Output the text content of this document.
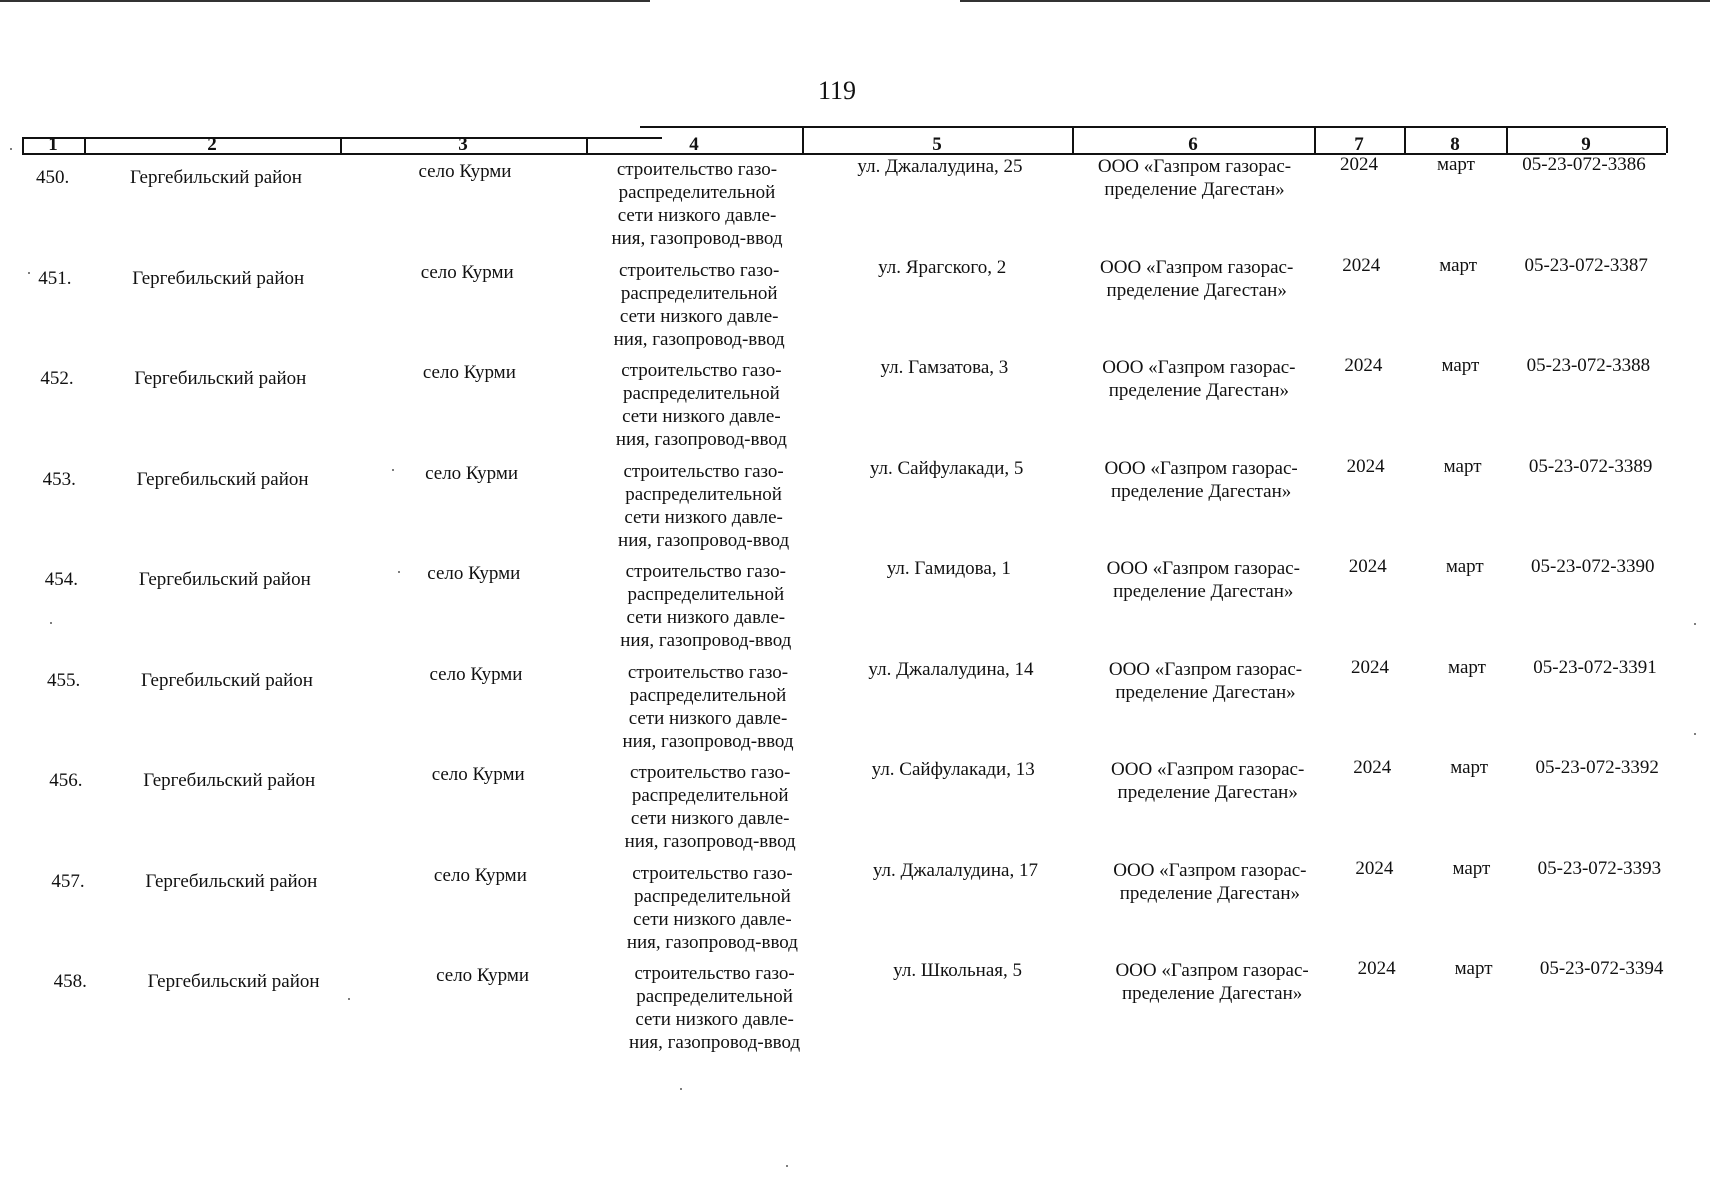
119
1	2	3	4	5	6	7	8	9
450.	Гергебильский район	село Курми	строительство газо-
распределительной
сети низкого давле-
ния, газопровод-ввод
ул. Джалалудина, 25	ООО «Газпром газорас-
пределение Дагестан»
2024	март	05-23-072-3386
451.	Гергебильский район	село Курми	строительство газо-
распределительной
сети низкого давле-
ния, газопровод-ввод
ул. Ярагского, 2	ООО «Газпром газорас-
пределение Дагестан»
2024	март	05-23-072-3387
452.	Гергебильский район	село Курми	строительство газо-
распределительной
сети низкого давле-
ния, газопровод-ввод
ул. Гамзатова, 3	ООО «Газпром газорас-
пределение Дагестан»
2024	март	05-23-072-3388
453.	Гергебильский район	село Курми	строительство газо-
распределительной
сети низкого давле-
ния, газопровод-ввод
ул. Сайфулакади, 5	ООО «Газпром газорас-
пределение Дагестан»
2024	март	05-23-072-3389
454.	Гергебильский район	село Курми	строительство газо-
распределительной
сети низкого давле-
ния, газопровод-ввод
ул. Гамидова, 1	ООО «Газпром газорас-
пределение Дагестан»
2024	март	05-23-072-3390
455.	Гергебильский район	село Курми	строительство газо-
распределительной
сети низкого давле-
ния, газопровод-ввод
ул. Джалалудина, 14	ООО «Газпром газорас-
пределение Дагестан»
2024	март	05-23-072-3391
456.	Гергебильский район	село Курми	строительство газо-
распределительной
сети низкого давле-
ния, газопровод-ввод
ул. Сайфулакади, 13	ООО «Газпром газорас-
пределение Дагестан»
2024	март	05-23-072-3392
457.	Гергебильский район	село Курми	строительство газо-
распределительной
сети низкого давле-
ния, газопровод-ввод
ул. Джалалудина, 17	ООО «Газпром газорас-
пределение Дагестан»
2024	март	05-23-072-3393
458.	Гергебильский район	село Курми	строительство газо-
распределительной
сети низкого давле-
ния, газопровод-ввод
ул. Школьная, 5	ООО «Газпром газорас-
пределение Дагестан»
2024	март	05-23-072-3394
